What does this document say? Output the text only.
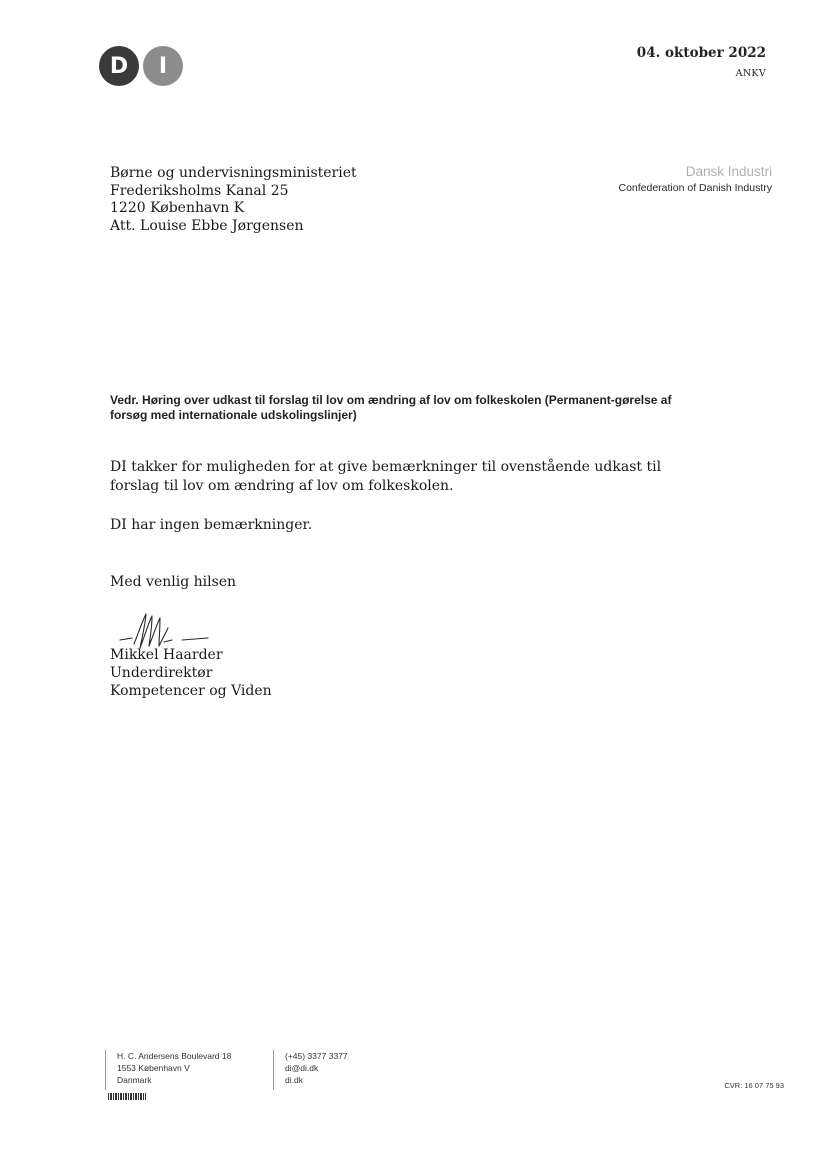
D	I
04. oktober 2022
ANKV
Børne og undervisningsministeriet
Frederiksholms Kanal 25
1220 København K
Att. Louise Ebbe Jørgensen
Dansk Industri
Confederation of Danish Industry
Vedr. Høring over udkast til forslag til lov om ændring af lov om folkeskolen (Permanent-gørelse af forsøg med internationale udskolingslinjer)
DI takker for muligheden for at give bemærkninger til ovenstående udkast til forslag til lov om ændring af lov om folkeskolen.
DI har ingen bemærkninger.
Med venlig hilsen
Mikkel Haarder
Underdirektør
Kompetencer og Viden
H. C. Andersens Boulevard 18
1553 København V
Danmark
(+45) 3377 3377
di@di.dk
di.dk
CVR: 16 07 75 93
